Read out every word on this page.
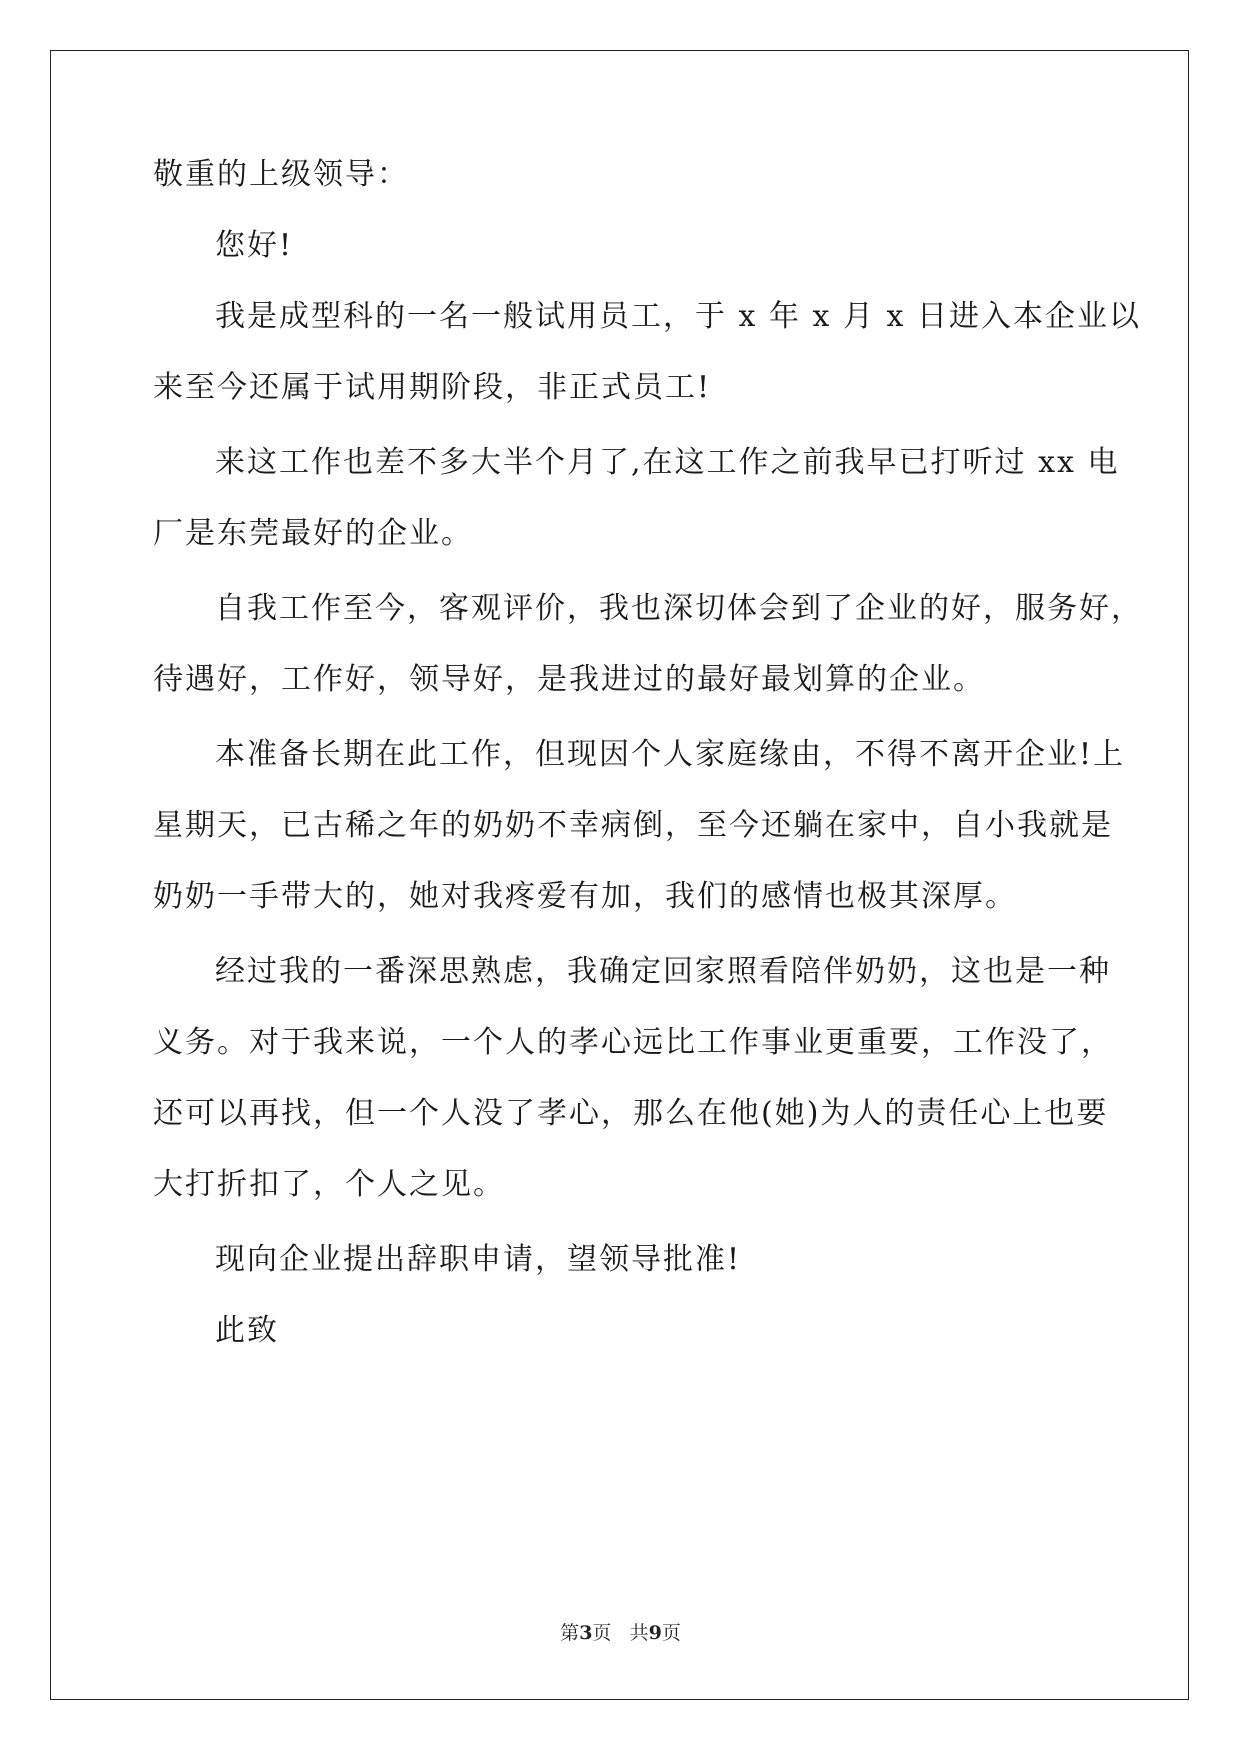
敬重的上级领导：
您好!
我是成型科的一名一般试用员工，于 x 年 x 月 x 日进入本企业以
来至今还属于试用期阶段，非正式员工!
来这工作也差不多大半个月了,在这工作之前我早已打听过 xx 电
厂是东莞最好的企业。
自我工作至今，客观评价，我也深切体会到了企业的好，服务好，
待遇好，工作好，领导好，是我进过的最好最划算的企业。
本准备长期在此工作，但现因个人家庭缘由，不得不离开企业!上
星期天，已古稀之年的奶奶不幸病倒，至今还躺在家中，自小我就是
奶奶一手带大的，她对我疼爱有加，我们的感情也极其深厚。
经过我的一番深思熟虑，我确定回家照看陪伴奶奶，这也是一种
义务。对于我来说，一个人的孝心远比工作事业更重要，工作没了，
还可以再找，但一个人没了孝心，那么在他(她)为人的责任心上也要
大打折扣了，个人之见。
现向企业提出辞职申请，望领导批准!
此致
第3页 共9页
